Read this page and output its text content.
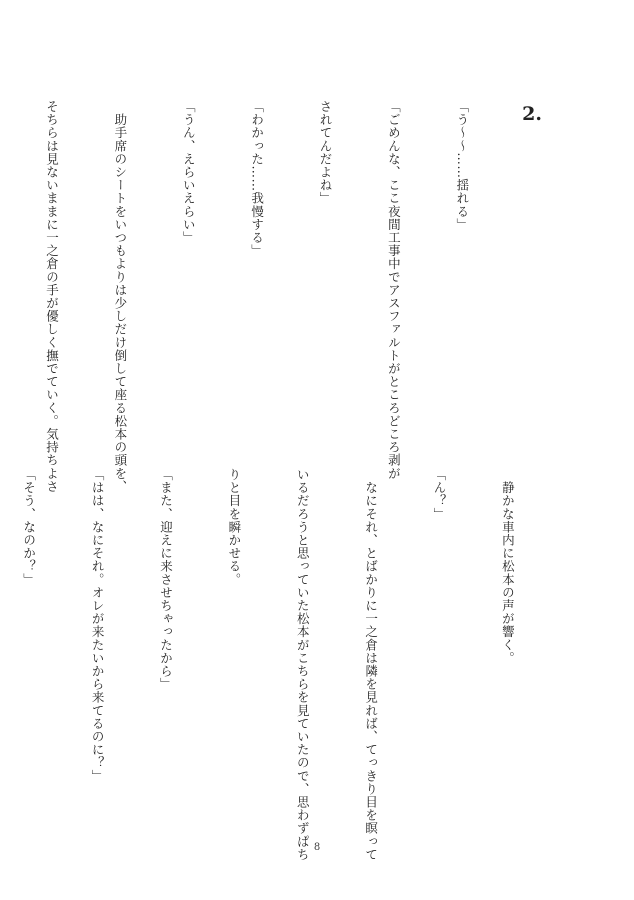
2.

「う～～……揺れる」

「ごめんな、ここ夜間工事中でアスファルトがところどころ剥が

されてんだよね」

「わかった……我慢する」

「うん、えらいえらい」

　助手席のシートをいつもよりは少しだけ倒して座る松本の頭を、

そちらは見ないままに一之倉の手が優しく撫でていく。気持ちよさ

　静かな車内に松本の声が響く。

「ん？」

　なにそれ、とばかりに一之倉は隣を見れば、てっきり目を瞑って

いるだろうと思っていた松本がこちらを見ていたので、思わずぱち

りと目を瞬かせる。

「また、迎えに来させちゃったから」

「はは、なにそれ。オレが来たいから来てるのに？」

「そう、なのか？」

8
